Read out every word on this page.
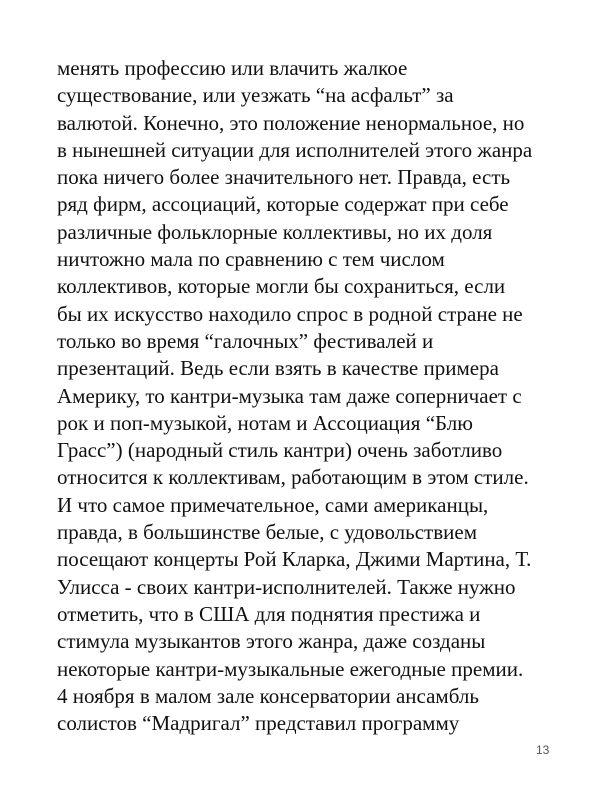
менять профессию или влачить жалкое
существование, или уезжать “на асфальт” за
валютой. Конечно, это положение ненормальное, но
в нынешней ситуации для исполнителей этого жанра
пока ничего более значительного нет. Правда, есть
ряд фирм, ассоциаций, которые содержат при себе
различные фольклорные коллективы, но их доля
ничтожно мала по сравнению с тем числом
коллективов, которые могли бы сохраниться, если
бы их искусство находило спрос в родной стране не
только во время “галочных” фестивалей и
презентаций. Ведь если взять в качестве примера
Америку, то кантри-музыка там даже соперничает с
рок и поп-музыкой, нотам и Ассоциация “Блю
Грасс”) (народный стиль кантри) очень заботливо
относится к коллективам, работающим в этом стиле.
И что самое примечательное, сами американцы,
правда, в большинстве белые, с удовольствием
посещают концерты Рой Кларка, Джими Мартина, Т.
Улисса - своих кантри-исполнителей. Также нужно
отметить, что в США для поднятия престижа и
стимула музыкантов этого жанра, даже созданы
некоторые кантри-музыкальные ежегодные премии.
4 ноября в малом зале консерватории ансамбль
солистов “Мадригал” представил программу
13
